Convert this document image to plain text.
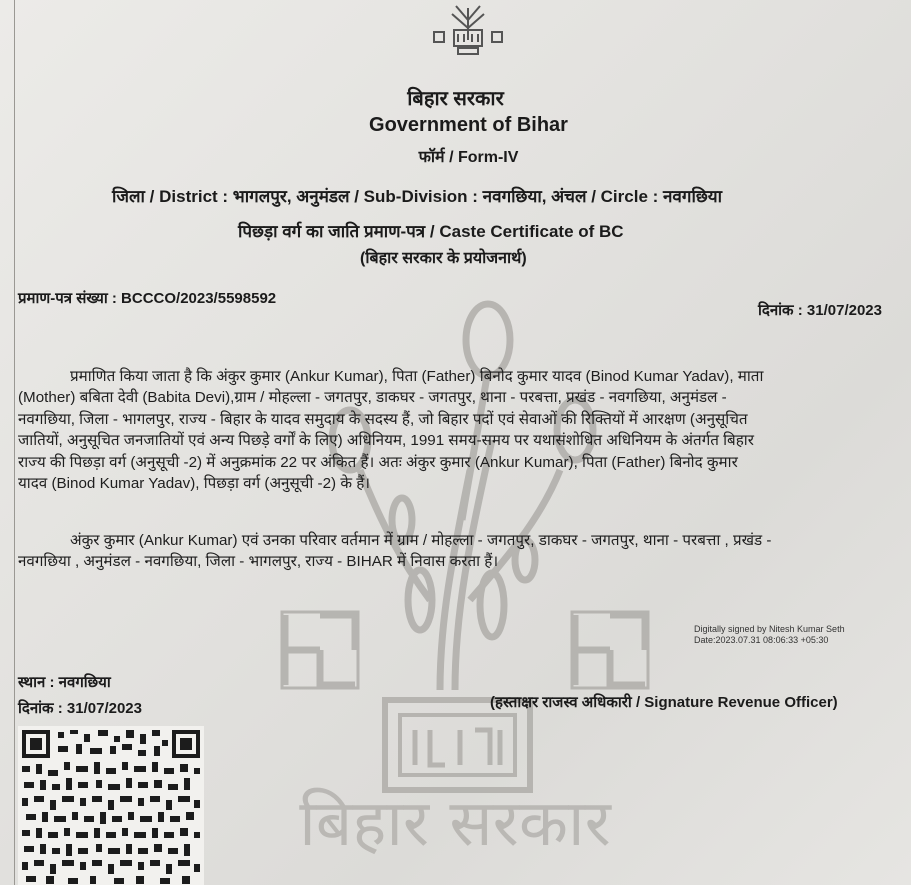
बिहार सरकार
बिहार सरकार
Government of Bihar
फॉर्म / Form-IV
जिला / District : भागलपुर, अनुमंडल / Sub-Division : नवगछिया, अंचल / Circle : नवगछिया
पिछड़ा वर्ग का जाति प्रमाण-पत्र / Caste Certificate of BC
(बिहार सरकार के प्रयोजनार्थ)
प्रमाण-पत्र संख्या : BCCCO/2023/5598592
दिनांक : 31/07/2023
प्रमाणित किया जाता है कि अंकुर कुमार (Ankur Kumar), पिता (Father) बिनोद कुमार यादव (Binod Kumar Yadav), माता
(Mother) बबिता देवी (Babita Devi),ग्राम / मोहल्ला - जगतपुर, डाकघर - जगतपुर, थाना - परबत्ता, प्रखंड - नवगछिया, अनुमंडल -
नवगछिया, जिला - भागलपुर, राज्य - बिहार के यादव समुदाय के सदस्य हैं, जो बिहार पदों एवं सेवाओं की रिक्तियों में आरक्षण (अनुसूचित
जातियों, अनुसूचित जनजातियों एवं अन्य पिछड़े वर्गों के लिए) अधिनियम, 1991 समय-समय पर यथासंशोधित अधिनियम के अंतर्गत बिहार
राज्य की पिछड़ा वर्ग (अनुसूची -2) में अनुक्रमांक 22 पर अंकित हैं। अतः अंकुर कुमार (Ankur Kumar), पिता (Father) बिनोद कुमार
यादव (Binod Kumar Yadav), पिछड़ा वर्ग (अनुसूची -2) के हैं।
अंकुर कुमार (Ankur Kumar) एवं उनका परिवार वर्तमान में ग्राम / मोहल्ला - जगतपुर, डाकघर - जगतपुर, थाना - परबत्ता , प्रखंड -
नवगछिया , अनुमंडल - नवगछिया, जिला - भागलपुर, राज्य - BIHAR में निवास करता हैं।
Digitally signed by Nitesh Kumar Seth
Date:2023.07.31 08:06:33 +05:30
स्थान : नवगछिया
दिनांक : 31/07/2023	(हस्ताक्षर राजस्व अधिकारी / Signature Revenue Officer)
